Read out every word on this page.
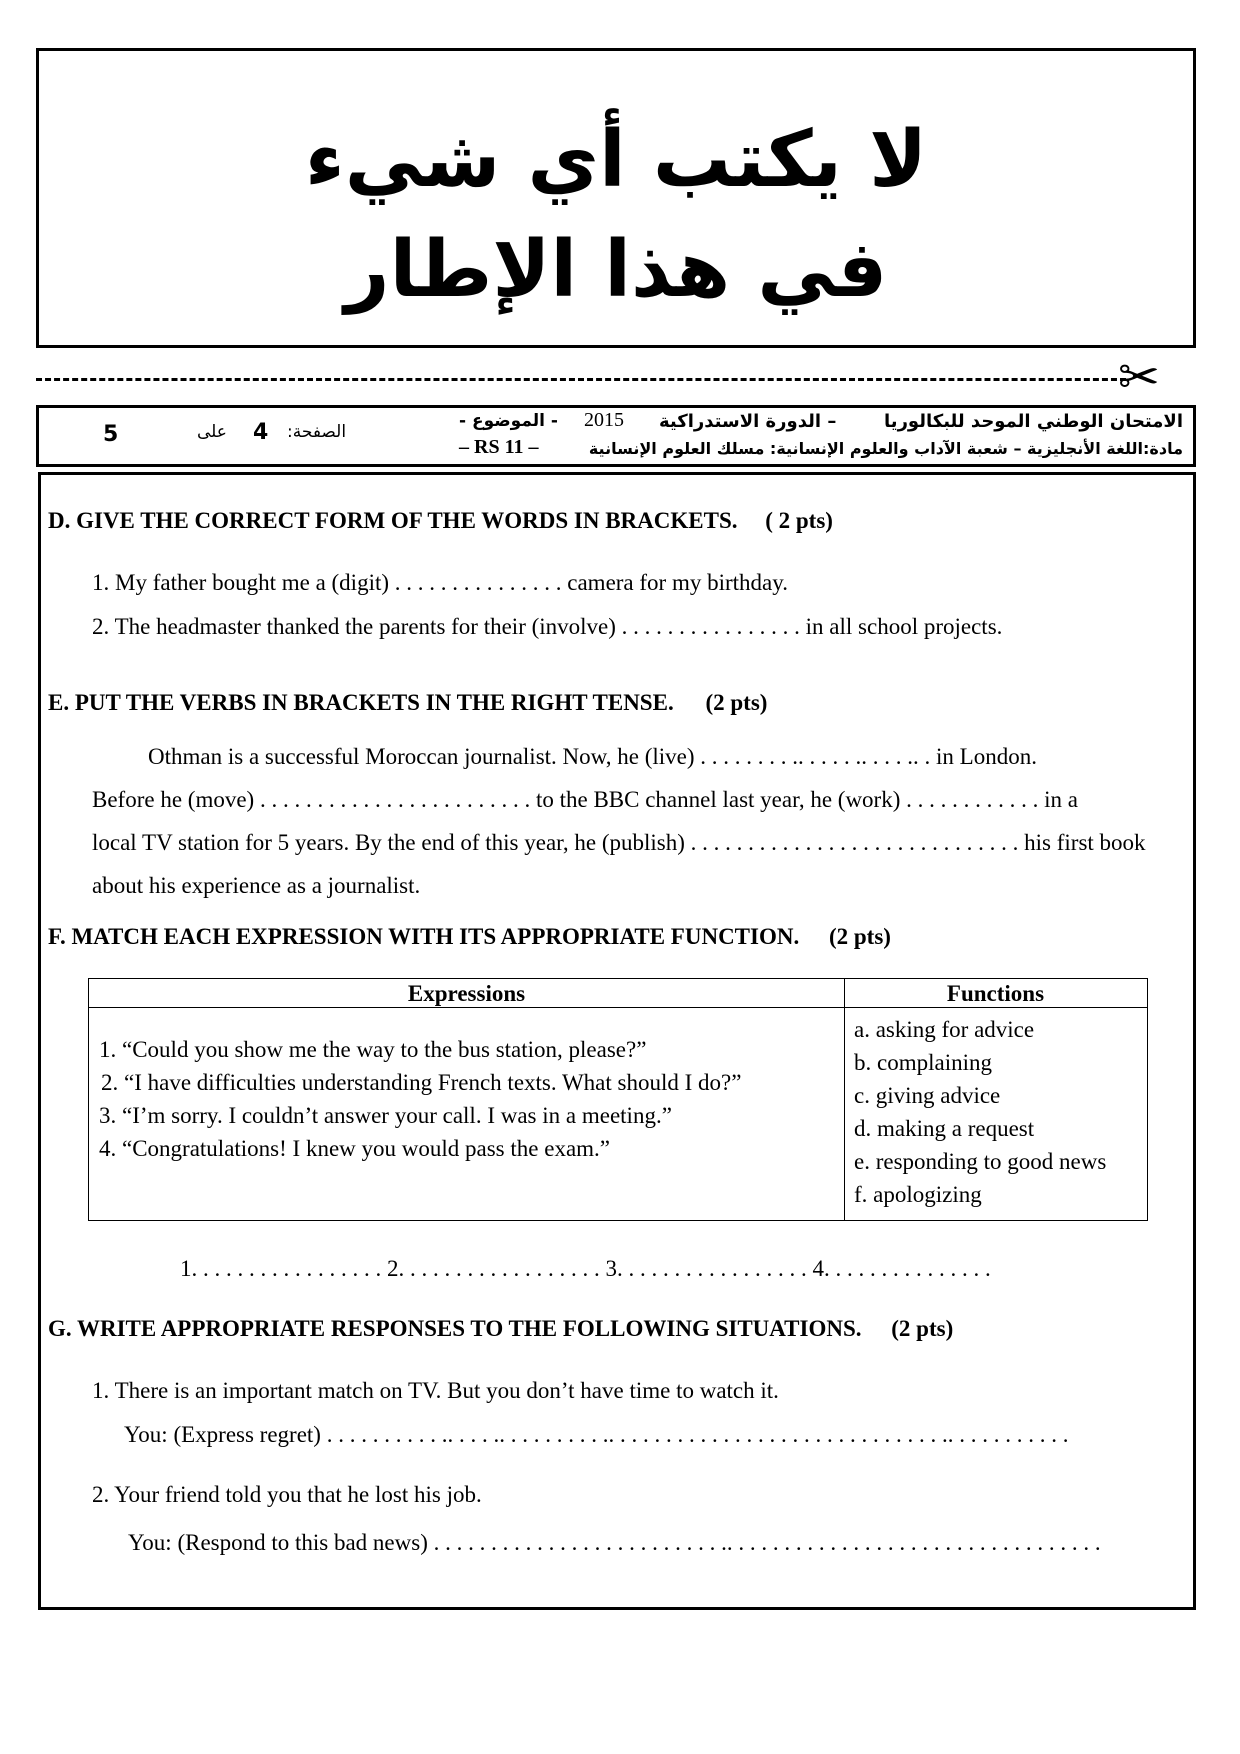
لا يكتب أي شيء
في هذا الإطار
✂
الامتحان الوطني الموحد للبكالوريا
– الدورة الاستدراكية
2015
- الموضوع -
مادة:اللغة الأنجليزية – شعبة الآداب والعلوم الإنسانية: مسلك العلوم الإنسانية
– RS 11 –
الصفحة:
4
على
5
D. GIVE THE CORRECT FORM OF THE WORDS IN BRACKETS. ( 2 pts)
1. My father bought me a (digit) . . . . . . . . . . . . . . . camera for my birthday.
2. The headmaster thanked the parents for their (involve) . . . . . . . . . . . . . . . . in all school projects.
E. PUT THE VERBS IN BRACKETS IN THE RIGHT TENSE. (2 pts)
Othman is a successful Moroccan journalist. Now, he (live) . . . . . . . . .. . . . . .. . . . .. . in London.
Before he (move) . . . . . . . . . . . . . . . . . . . . . . . . to the BBC channel last year, he (work) . . . . . . . . . . . . in a
local TV station for 5 years. By the end of this year, he (publish) . . . . . . . . . . . . . . . . . . . . . . . . . . . . . his first book
about his experience as a journalist.
F. MATCH EACH EXPRESSION WITH ITS APPROPRIATE FUNCTION. (2 pts)
Expressions	Functions
1. “Could you show me the way to the bus station, please?”
2. “I have difficulties understanding French texts. What should I do?”
3. “I’m sorry. I couldn’t answer your call. I was in a meeting.”
4. “Congratulations! I knew you would pass the exam.”
a. asking for advice
b. complaining
c. giving advice
d. making a request
e. responding to good news
f. apologizing
1. . . . . . . . . . . . . . . . . 2. . . . . . . . . . . . . . . . . . 3. . . . . . . . . . . . . . . . . 4. . . . . . . . . . . . . . .
G. WRITE APPROPRIATE RESPONSES TO THE FOLLOWING SITUATIONS. (2 pts)
1. There is an important match on TV. But you don’t have time to watch it.
You: (Express regret) . . . . . . . . . . .. . . . .. . . . . . . . . .. . . . . . . . . . . . . . . . . . . . . . . . . . . . . .. . . . . . . . . . .
2. Your friend told you that he lost his job.
You: (Respond to this bad news) . . . . . . . . . . . . . . . . . . . . . . . . . .. . . . . . . . . . . . . . . . . . . . . . . . . . . . . . . . .
